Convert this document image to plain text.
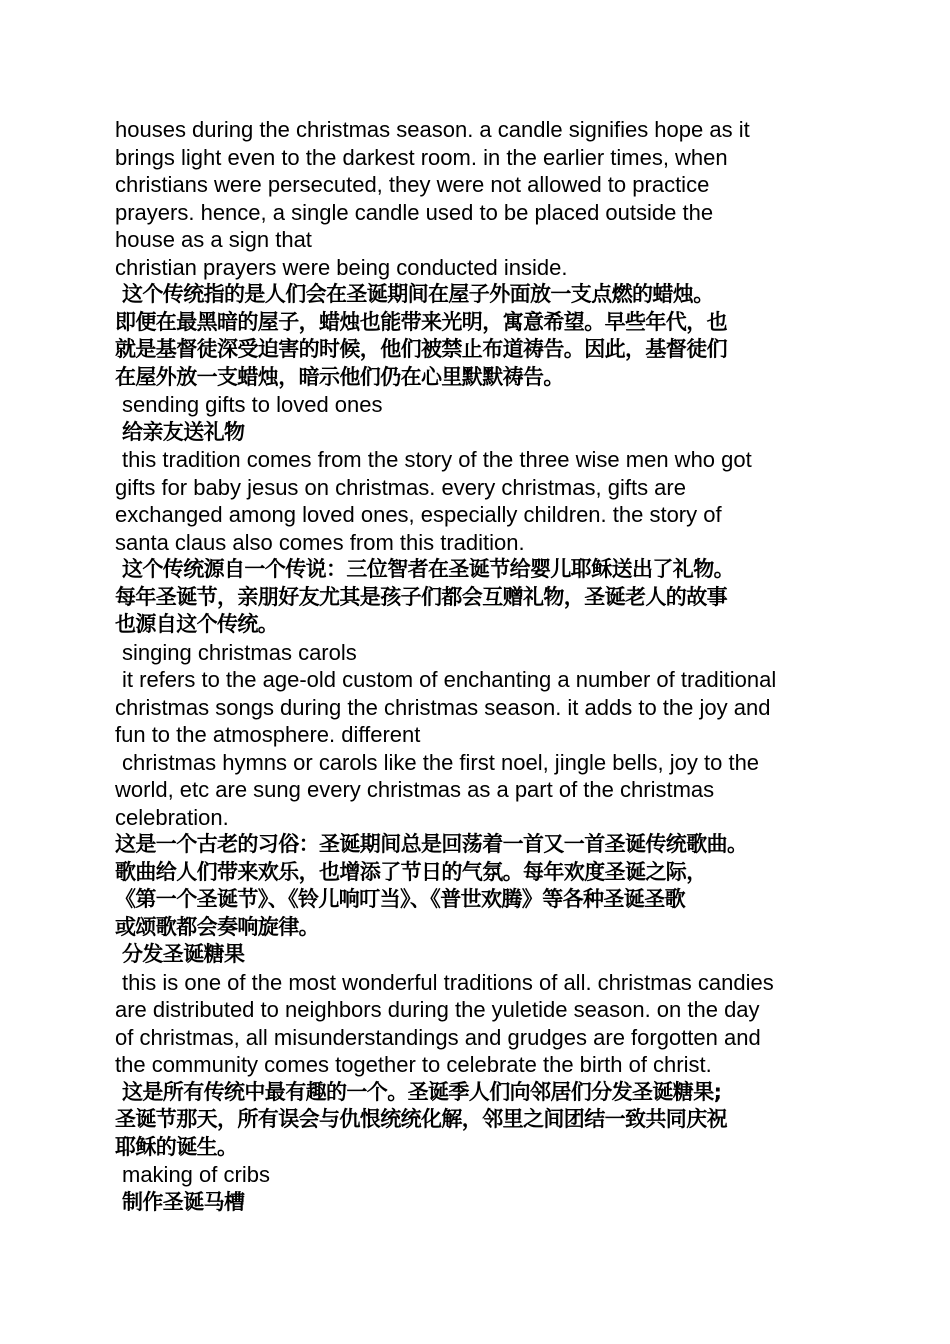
houses during the christmas season. a candle signifies hope as it
brings light even to the darkest room. in the earlier times, when
christians were persecuted, they were not allowed to practice
prayers. hence, a single candle used to be placed outside the
house as a sign that
christian prayers were being conducted inside.
这个传统指的是人们会在圣诞期间在屋子外面放一支点燃的蜡烛。
即便在最黑暗的屋子，蜡烛也能带来光明，寓意希望。早些年代，也
就是基督徒深受迫害的时候，他们被禁止布道祷告。因此，基督徒们
在屋外放一支蜡烛，暗示他们仍在心里默默祷告。
sending gifts to loved ones
给亲友送礼物
this tradition comes from the story of the three wise men who got
gifts for baby jesus on christmas. every christmas, gifts are
exchanged among loved ones, especially children. the story of
santa claus also comes from this tradition.
这个传统源自一个传说：三位智者在圣诞节给婴儿耶稣送出了礼物。
每年圣诞节，亲朋好友尤其是孩子们都会互赠礼物，圣诞老人的故事
也源自这个传统。
singing christmas carols
it refers to the age-old custom of enchanting a number of traditional
christmas songs during the christmas season. it adds to the joy and
fun to the atmosphere. different
christmas hymns or carols like the first noel, jingle bells, joy to the
world, etc are sung every christmas as a part of the christmas
celebration.
这是一个古老的习俗：圣诞期间总是回荡着一首又一首圣诞传统歌曲。
歌曲给人们带来欢乐，也增添了节日的气氛。每年欢度圣诞之际，
《第一个圣诞节》、《铃儿响叮当》、《普世欢腾》等各种圣诞圣歌
或颂歌都会奏响旋律。
分发圣诞糖果
this is one of the most wonderful traditions of all. christmas candies
are distributed to neighbors during the yuletide season. on the day
of christmas, all misunderstandings and grudges are forgotten and
the community comes together to celebrate the birth of christ.
这是所有传统中最有趣的一个。圣诞季人们向邻居们分发圣诞糖果;
圣诞节那天，所有误会与仇恨统统化解，邻里之间团结一致共同庆祝
耶稣的诞生。
making of cribs
制作圣诞马槽
